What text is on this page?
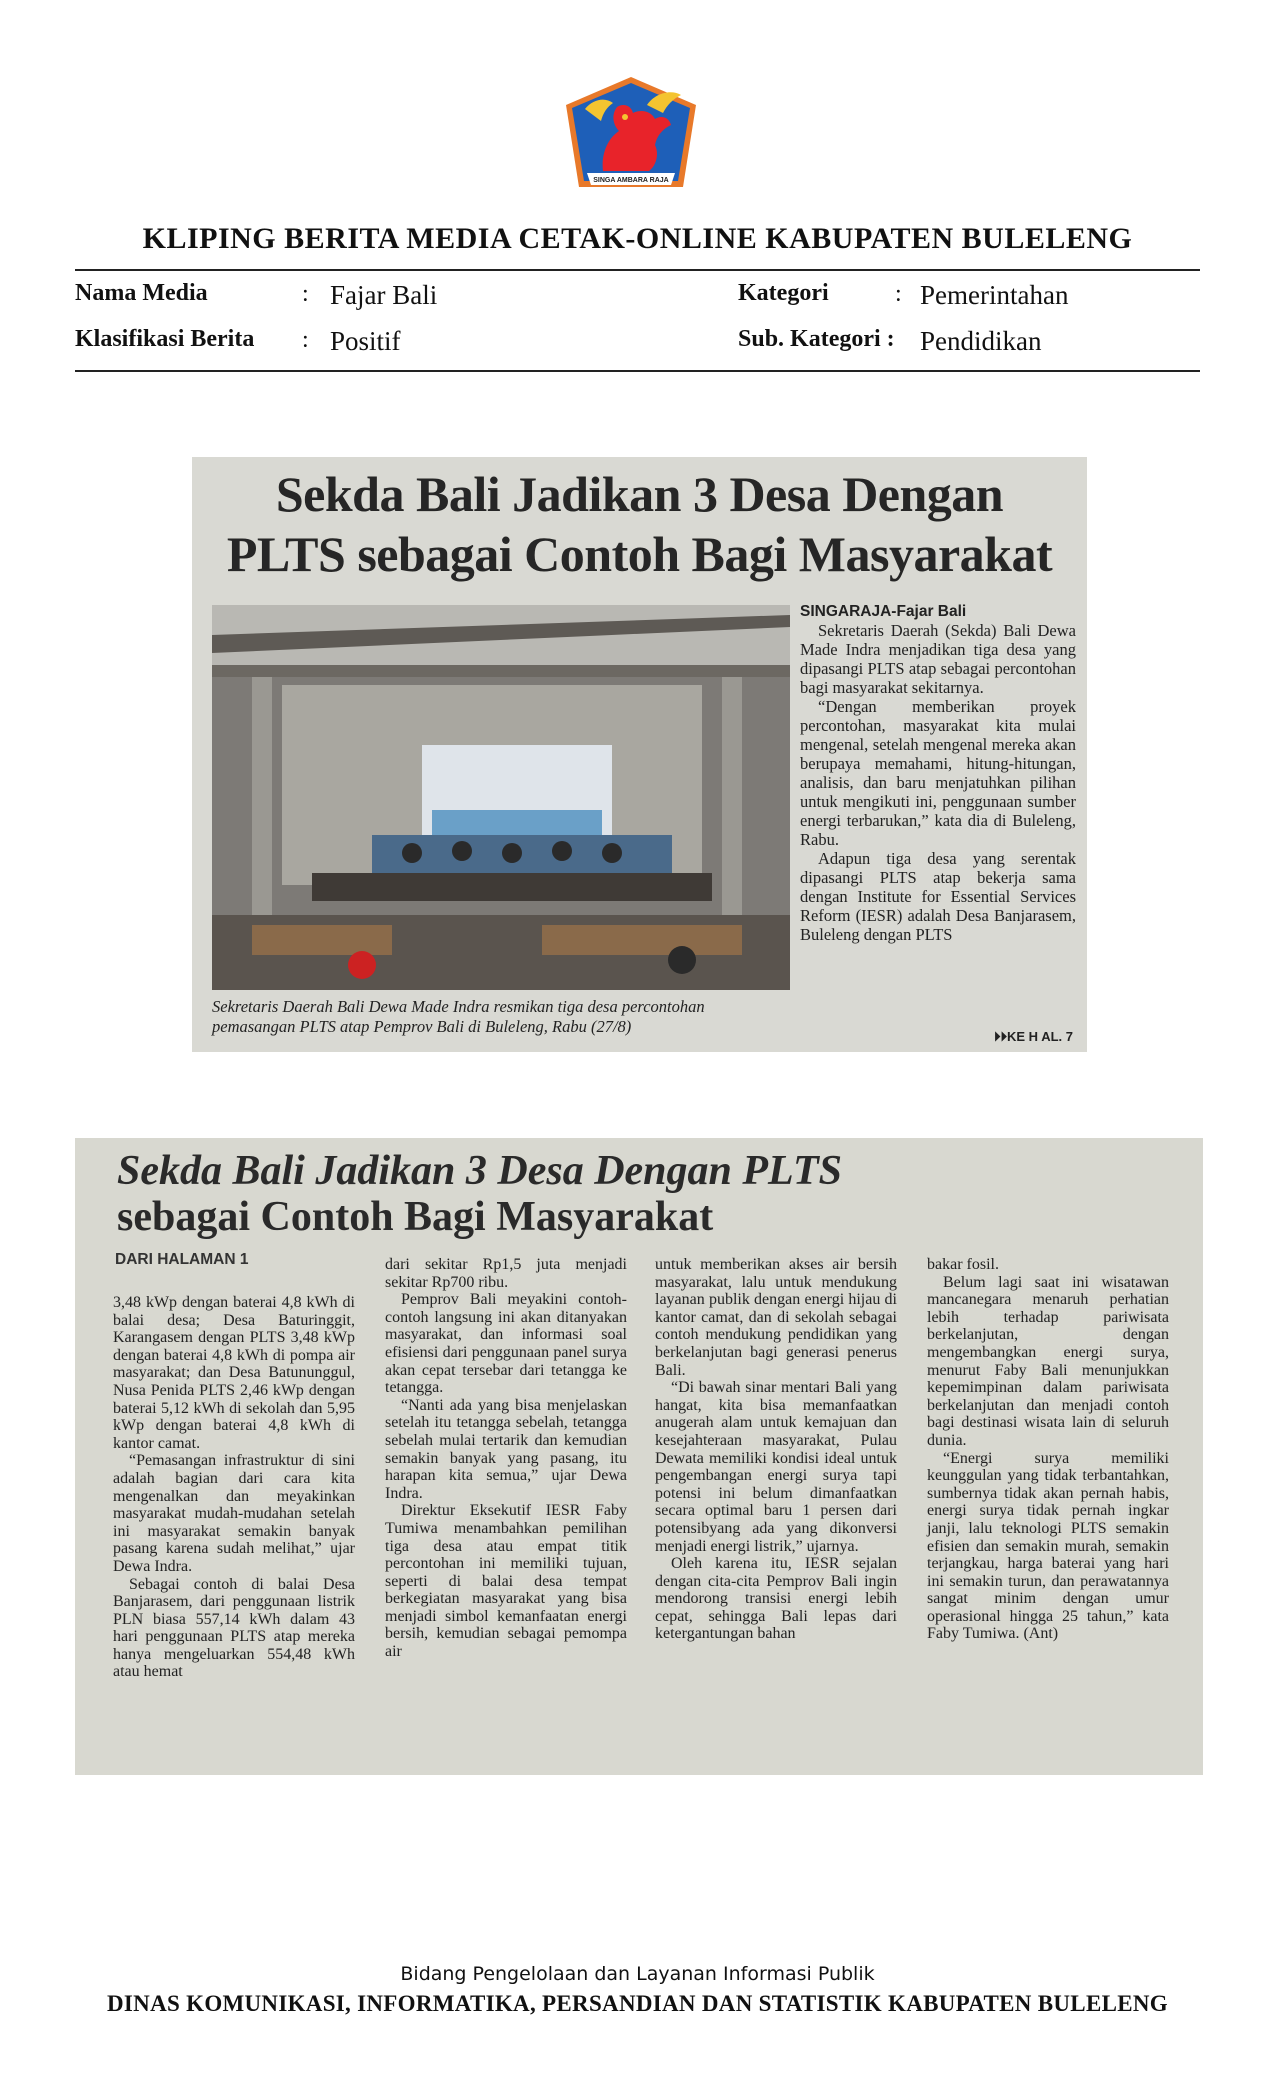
SINGA AMBARA RAJA
KLIPING BERITA MEDIA CETAK-ONLINE KABUPATEN BULELENG
Nama Media	: Fajar Bali	Kategori	: Pemerintahan
Klasifikasi Berita : Positif	Sub. Kategori : Pendidikan
Sekda Bali Jadikan 3 Desa Dengan
PLTS sebagai Contoh Bagi Masyarakat
Sekretaris Daerah Bali Dewa Made Indra resmikan tiga desa percontohan pemasangan PLTS atap Pemprov Bali di Buleleng, Rabu (27/8)
SINGARAJA-Fajar Bali

Sekretaris Daerah (Sekda) Bali Dewa Made Indra menjadikan tiga desa yang dipasangi PLTS atap sebagai percontohan bagi masyarakat sekitarnya.

“Dengan memberikan proyek percontohan, masyarakat kita mulai mengenal, setelah mengenal mereka akan berupaya memahami, hitung-hitungan, analisis, dan baru menjatuhkan pilihan untuk mengikuti ini, penggunaan sumber energi terbarukan,” kata dia di Buleleng, Rabu.

Adapun tiga desa yang serentak dipasangi PLTS atap bekerja sama dengan Institute for Essential Services Reform (IESR) adalah Desa Banjarasem, Buleleng dengan PLTS

⏵⏵KE H AL. 7
Sekda Bali Jadikan 3 Desa Dengan PLTS
sebagai Contoh Bagi Masyarakat
DARI HALAMAN 1

3,48 kWp dengan baterai 4,8 kWh di balai desa; Desa Baturinggit, Karangasem dengan PLTS 3,48 kWp dengan baterai 4,8 kWh di pompa air masyarakat; dan Desa Batununggul, Nusa Penida PLTS 2,46 kWp dengan baterai 5,12 kWh di sekolah dan 5,95 kWp dengan baterai 4,8 kWh di kantor camat.

“Pemasangan infrastruktur di sini adalah bagian dari cara kita mengenalkan dan meyakinkan masyarakat mudah-mudahan setelah ini masyarakat semakin banyak pasang karena sudah melihat,” ujar Dewa Indra.

Sebagai contoh di balai Desa Banjarasem, dari penggunaan listrik PLN biasa 557,14 kWh dalam 43 hari penggunaan PLTS atap mereka hanya mengeluarkan 554,48 kWh atau hemat

dari sekitar Rp1,5 juta menjadi sekitar Rp700 ribu.

Pemprov Bali meyakini contoh-contoh langsung ini akan ditanyakan masyarakat, dan informasi soal efisiensi dari penggunaan panel surya akan cepat tersebar dari tetangga ke tetangga.

“Nanti ada yang bisa menjelaskan setelah itu tetangga sebelah, tetangga sebelah mulai tertarik dan kemudian semakin banyak yang pasang, itu harapan kita semua,” ujar Dewa Indra.

Direktur Eksekutif IESR Faby Tumiwa menambahkan pemilihan tiga desa atau empat titik percontohan ini memiliki tujuan, seperti di balai desa tempat berkegiatan masyarakat yang bisa menjadi simbol kemanfaatan energi bersih, kemudian sebagai pemompa air

untuk memberikan akses air bersih masyarakat, lalu untuk mendukung layanan publik dengan energi hijau di kantor camat, dan di sekolah sebagai contoh mendukung pendidikan yang berkelanjutan bagi generasi penerus Bali.

“Di bawah sinar mentari Bali yang hangat, kita bisa memanfaatkan anugerah alam untuk kemajuan dan kesejahteraan masyarakat, Pulau Dewata memiliki kondisi ideal untuk pengembangan energi surya tapi potensi ini belum dimanfaatkan secara optimal baru 1 persen dari potensibyang ada yang dikonversi menjadi energi listrik,” ujarnya.

Oleh karena itu, IESR sejalan dengan cita-cita Pemprov Bali ingin mendorong transisi energi lebih cepat, sehingga Bali lepas dari ketergantungan bahan

bakar fosil.

Belum lagi saat ini wisatawan mancanegara menaruh perhatian lebih terhadap pariwisata berkelanjutan, dengan mengembangkan energi surya, menurut Faby Bali menunjukkan kepemimpinan dalam pariwisata berkelanjutan dan menjadi contoh bagi destinasi wisata lain di seluruh dunia.

“Energi surya memiliki keunggulan yang tidak terbantahkan, sumbernya tidak akan pernah habis, energi surya tidak pernah ingkar janji, lalu teknologi PLTS semakin efisien dan semakin murah, semakin terjangkau, harga baterai yang hari ini semakin turun, dan perawatannya sangat minim dengan umur operasional hingga 25 tahun,” kata Faby Tumiwa. (Ant)

Bidang Pengelolaan dan Layanan Informasi Publik
DINAS KOMUNIKASI, INFORMATIKA, PERSANDIAN DAN STATISTIK KABUPATEN BULELENG
